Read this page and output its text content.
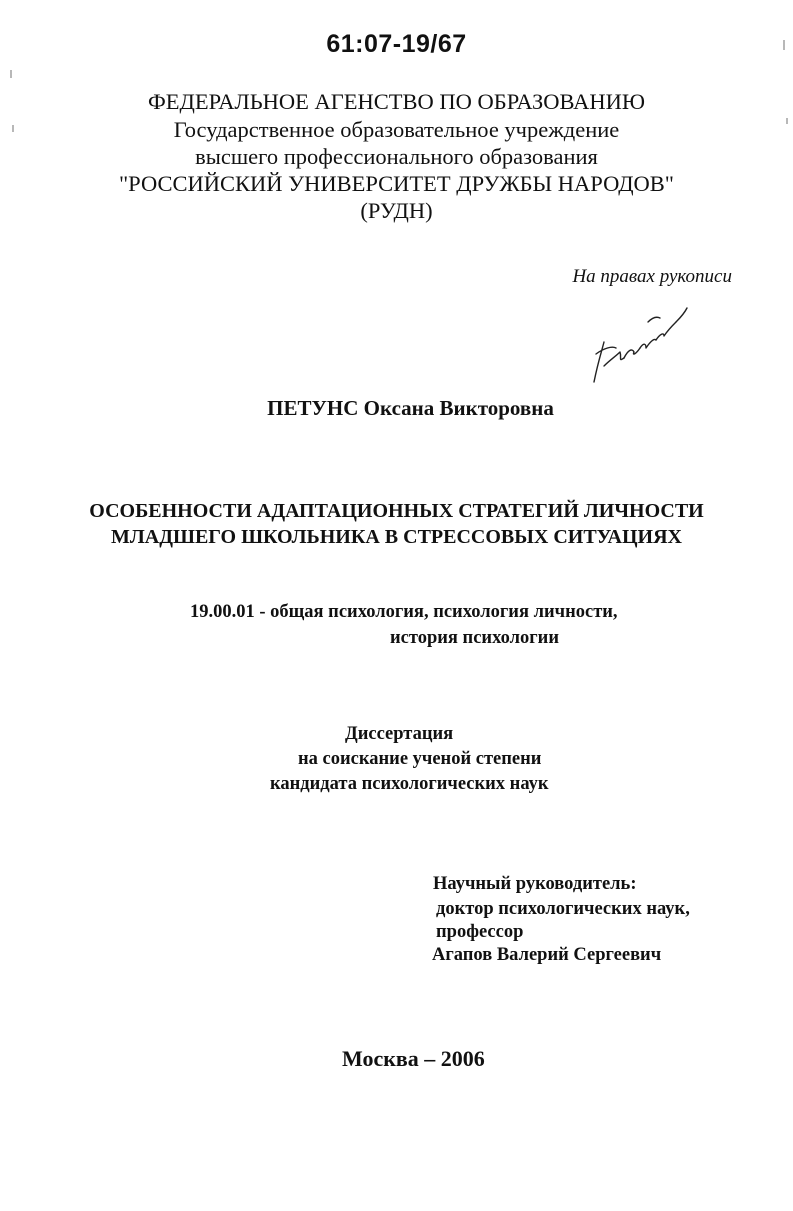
61:07-19/67
ФЕДЕРАЛЬНОЕ АГЕНСТВО ПО ОБРАЗОВАНИЮ
Государственное образовательное учреждение
высшего профессионального образования
"РОССИЙСКИЙ УНИВЕРСИТЕТ ДРУЖБЫ НАРОДОВ"
(РУДН)
На правах рукописи
ПЕТУНС Оксана Викторовна
ОСОБЕННОСТИ АДАПТАЦИОННЫХ СТРАТЕГИЙ ЛИЧНОСТИ
МЛАДШЕГО ШКОЛЬНИКА В СТРЕССОВЫХ СИТУАЦИЯХ
19.00.01 - общая психология, психология личности,
история психологии
Диссертация
на соискание ученой степени
кандидата психологических наук
Научный руководитель:
доктор психологических наук,
профессор
Агапов Валерий Сергеевич
Москва – 2006
